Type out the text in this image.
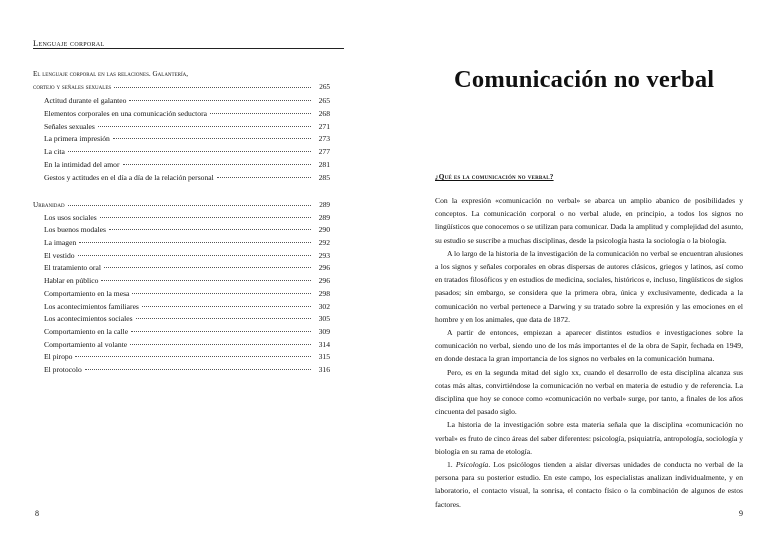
Lenguaje corporal
El lenguaje corporal en las relaciones. Galantería,
cortejo y señales sexuales	265
Actitud durante el galanteo	265
Elementos corporales en una comunicación seductora	268
Señales sexuales	271
La primera impresión	273
La cita	277
En la intimidad del amor	281
Gestos y actitudes en el día a día de la relación personal	285
Urbanidad	289
Los usos sociales	289
Los buenos modales	290
La imagen	292
El vestido	293
El tratamiento oral	296
Hablar en público	296
Comportamiento en la mesa	298
Los acontecimientos familiares	302
Los acontecimientos sociales	305
Comportamiento en la calle	309
Comportamiento al volante	314
El piropo	315
El protocolo	316
8
Comunicación no verbal
¿Qué es la comunicación no verbal?

Con la expresión «comunicación no verbal» se abarca un amplio abanico de posibilidades y conceptos. La comunicación corporal o no verbal alude, en principio, a todos los signos no lingüísticos que conocemos o se utilizan para comunicar. Dada la amplitud y complejidad del asunto, su estudio se suscribe a muchas disciplinas, desde la psicología hasta la sociología o la biología.

A lo largo de la historia de la investigación de la comunicación no verbal se encuentran alusiones a los signos y señales corporales en obras dispersas de autores clásicos, griegos y latinos, así como en tratados filosóficos y en estudios de medicina, sociales, históricos e, incluso, lingüísticos de siglos pasados; sin embargo, se considera que la primera obra, única y exclusivamente, dedicada a la comunicación no verbal pertenece a Darwing y su tratado sobre la expresión y las emociones en el hombre y en los animales, que data de 1872.

A partir de entonces, empiezan a aparecer distintos estudios e investigaciones sobre la comunicación no verbal, siendo uno de los más importantes el de la obra de Sapir, fechada en 1949, en donde destaca la gran importancia de los signos no verbales en la comunicación humana.

Pero, es en la segunda mitad del siglo xx, cuando el desarrollo de esta disciplina alcanza sus cotas más altas, convirtiéndose la comunicación no verbal en materia de estudio y de referencia. La disciplina que hoy se conoce como «comunicación no verbal» surge, por tanto, a finales de los años cincuenta del pasado siglo.

La historia de la investigación sobre esta materia señala que la disciplina «comunicación no verbal» es fruto de cinco áreas del saber diferentes: psicología, psiquiatría, antropología, sociología y biología en su rama de etología.

1. Psicología. Los psicólogos tienden a aislar diversas unidades de conducta no verbal de la persona para su posterior estudio. En este campo, los especialistas analizan individualmente, y en laboratorio, el contacto visual, la sonrisa, el contacto físico o la combinación de algunos de estos factores.

9
